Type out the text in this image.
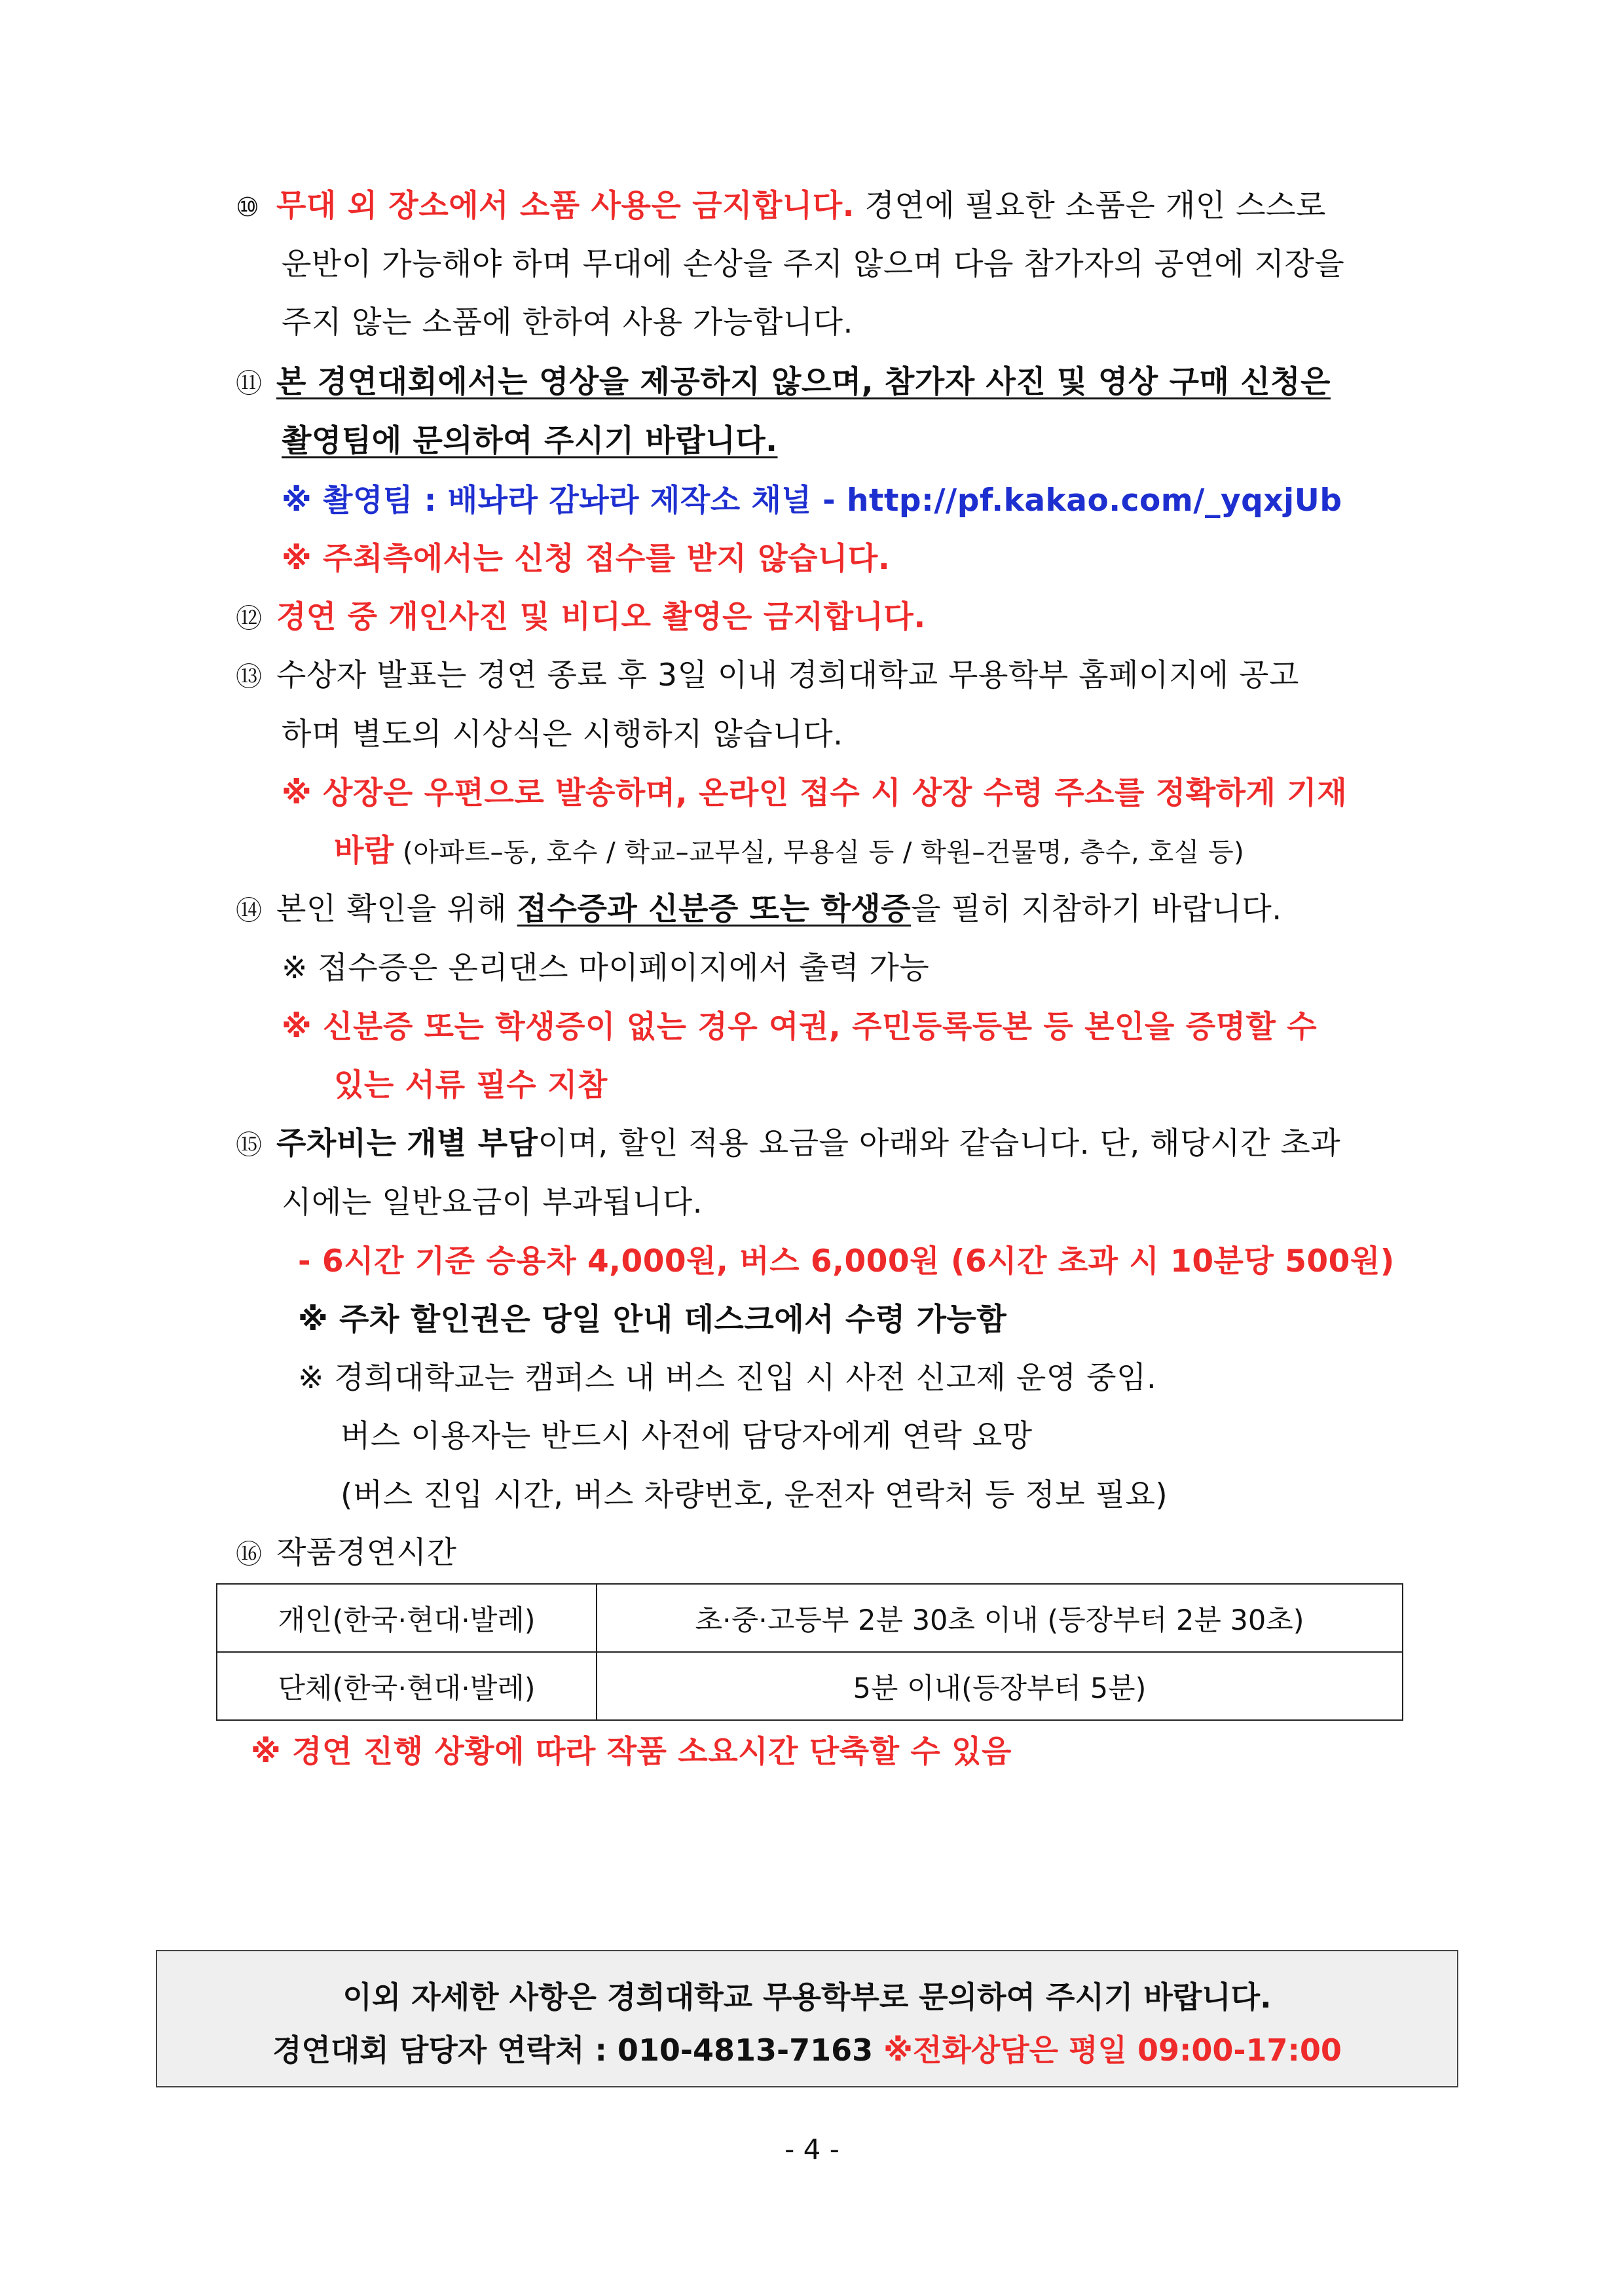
⑩ 무대 외 장소에서 소품 사용은 금지합니다. 경연에 필요한 소품은 개인 스스로
운반이 가능해야 하며 무대에 손상을 주지 않으며 다음 참가자의 공연에 지장을
주지 않는 소품에 한하여 사용 가능합니다.
⑪ 본 경연대회에서는 영상을 제공하지 않으며, 참가자 사진 및 영상 구매 신청은
촬영팀에 문의하여 주시기 바랍니다.
※ 촬영팀 : 배놔라 감놔라 제작소 채널 - http://pf.kakao.com/_yqxjUb
※ 주최측에서는 신청 접수를 받지 않습니다.
⑫ 경연 중 개인사진 및 비디오 촬영은 금지합니다.
⑬ 수상자 발표는 경연 종료 후 3일 이내 경희대학교 무용학부 홈페이지에 공고
하며 별도의 시상식은 시행하지 않습니다.
※ 상장은 우편으로 발송하며, 온라인 접수 시 상장 수령 주소를 정확하게 기재
바람 (아파트–동, 호수 / 학교–교무실, 무용실 등 / 학원–건물명, 층수, 호실 등)
⑭ 본인 확인을 위해 접수증과 신분증 또는 학생증을 필히 지참하기 바랍니다.
※ 접수증은 온리댄스 마이페이지에서 출력 가능
※ 신분증 또는 학생증이 없는 경우 여권, 주민등록등본 등 본인을 증명할 수
있는 서류 필수 지참
⑮ 주차비는 개별 부담이며, 할인 적용 요금을 아래와 같습니다. 단, 해당시간 초과
시에는 일반요금이 부과됩니다.
- 6시간 기준 승용차 4,000원, 버스 6,000원 (6시간 초과 시 10분당 500원)
※ 주차 할인권은 당일 안내 데스크에서 수령 가능함
※ 경희대학교는 캠퍼스 내 버스 진입 시 사전 신고제 운영 중임.
버스 이용자는 반드시 사전에 담당자에게 연락 요망
(버스 진입 시간, 버스 차량번호, 운전자 연락처 등 정보 필요)
⑯ 작품경연시간
개인(한국·현대·발레)	초·중·고등부 2분 30초 이내 (등장부터 2분 30초)
단체(한국·현대·발레)	5분 이내(등장부터 5분)
※ 경연 진행 상황에 따라 작품 소요시간 단축할 수 있음
이외 자세한 사항은 경희대학교 무용학부로 문의하여 주시기 바랍니다.
경연대회 담당자 연락처 : 010-4813-7163 ※전화상담은 평일 09:00-17:00
- 4 -
